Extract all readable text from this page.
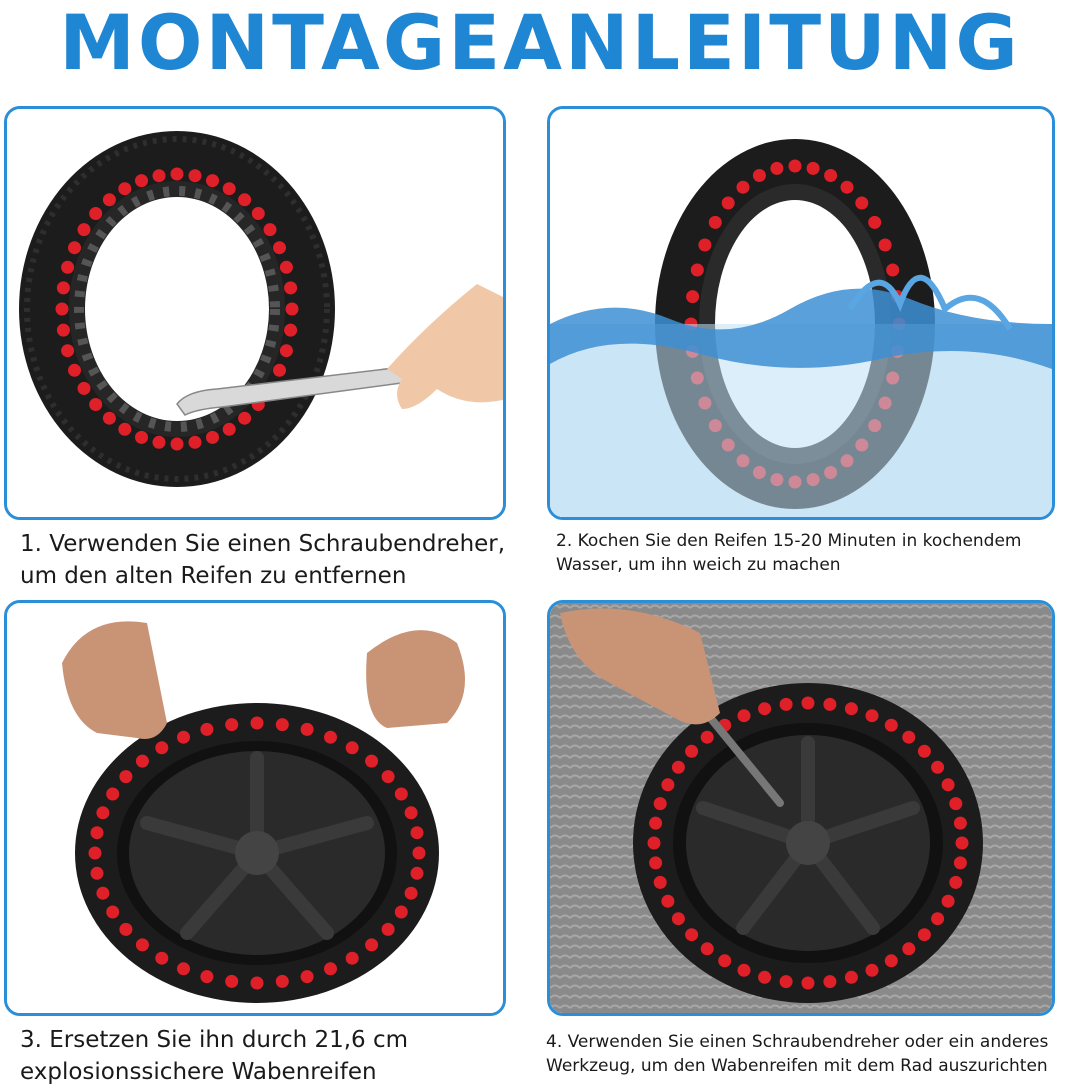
MONTAGEANLEITUNG
1. Verwenden Sie einen Schraubendreher,
um den alten Reifen zu entfernen
2. Kochen Sie den Reifen 15-20 Minuten in kochendem
Wasser, um ihn weich zu machen
3. Ersetzen Sie ihn durch 21,6 cm
explosionssichere Wabenreifen
4. Verwenden Sie einen Schraubendreher oder ein anderes
Werkzeug, um den Wabenreifen mit dem Rad auszurichten
